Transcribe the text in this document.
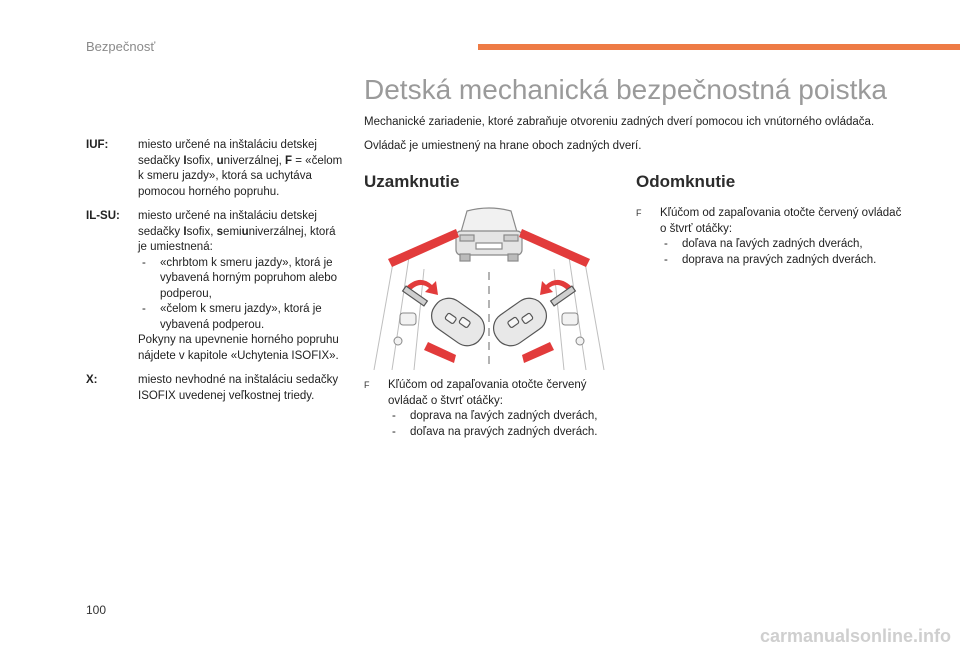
Bezpečnosť
IUF:	miesto určené na inštaláciu detskej sedačky Isofix, univerzálnej, F = «čelom k smeru jazdy», ktorá sa uchytáva pomocou horného popruhu.
IL-SU:	miesto určené na inštaláciu detskej sedačky Isofix, semiuniverzálnej, ktorá je umiestnená:
- «chrbtom k smeru jazdy», ktorá je vybavená horným popruhom alebo podperou,
- «čelom k smeru jazdy», ktorá je vybavená podperou.
Pokyny na upevnenie horného popruhu nájdete v kapitole «Uchytenia ISOFIX».
X:	miesto nevhodné na inštaláciu sedačky ISOFIX uvedenej veľkostnej triedy.
Detská mechanická bezpečnostná poistka
Mechanické zariadenie, ktoré zabraňuje otvoreniu zadných dverí pomocou ich vnútorného ovládača.
Ovládač je umiestnený na hrane oboch zadných dverí.
Uzamknutie	Odomknutie
F	Kľúčom od zapaľovania otočte červený ovládač o štvrť otáčky:
- doprava na ľavých zadných dverách,
- doľava na pravých zadných dverách.
F	Kľúčom od zapaľovania otočte červený ovládač o štvrť otáčky:
- doľava na ľavých zadných dverách,
- doprava na pravých zadných dverách.
100
carmanualsonline.info
